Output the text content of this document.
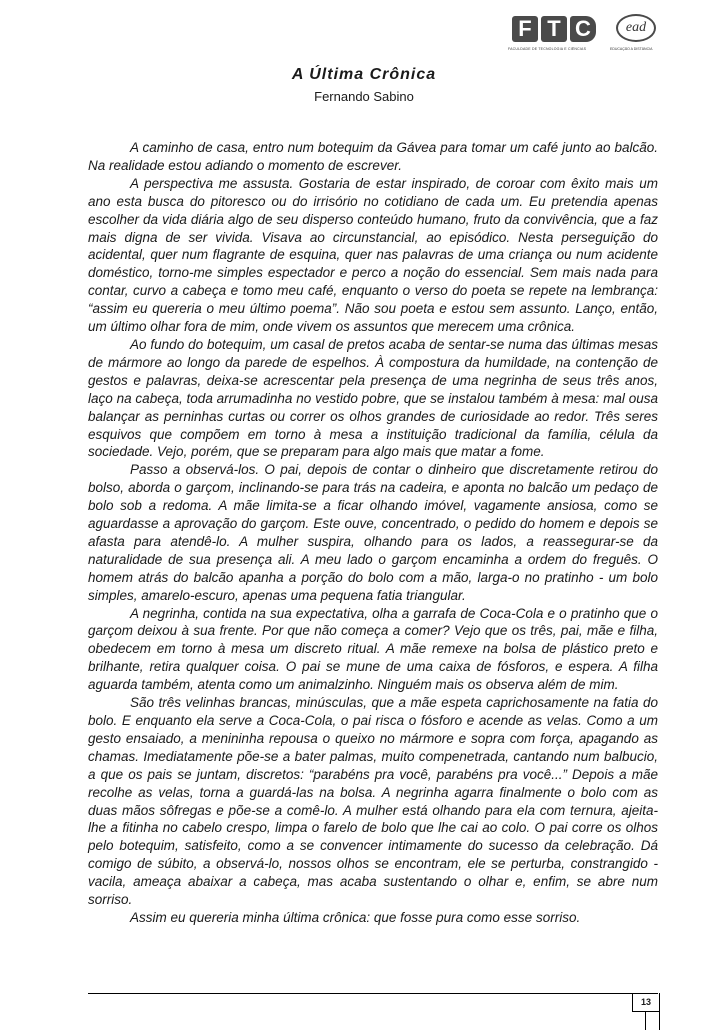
F T C
FACULDADE DE TECNOLOGIA E CIÊNCIAS
ead
EDUCAÇÃO A DISTÂNCIA
A Última Crônica
Fernando Sabino

A caminho de casa, entro num botequim da Gávea para tomar um café junto ao balcão. Na realidade estou adiando o momento de escrever.

A perspectiva me assusta. Gostaria de estar inspirado, de coroar com êxito mais um ano esta busca do pitoresco ou do irrisório no cotidiano de cada um. Eu pretendia apenas escolher da vida diária algo de seu disperso conteúdo humano, fruto da convivência, que a faz mais digna de ser vivida. Visava ao circunstancial, ao episódico. Nesta perseguição do acidental, quer num flagrante de esquina, quer nas palavras de uma criança ou num acidente doméstico, torno-me simples espectador e perco a noção do essencial. Sem mais nada para contar, curvo a cabeça e tomo meu café, enquanto o verso do poeta se repete na lembrança: “assim eu quereria o meu último poema”. Não sou poeta e estou sem assunto. Lanço, então, um último olhar fora de mim, onde vivem os assuntos que merecem uma crônica.

Ao fundo do botequim, um casal de pretos acaba de sentar-se numa das últimas mesas de mármore ao longo da parede de espelhos. À compostura da humildade, na contenção de gestos e palavras, deixa-se acrescentar pela presença de uma negrinha de seus três anos, laço na cabeça, toda arrumadinha no vestido pobre, que se instalou também à mesa: mal ousa balançar as perninhas curtas ou correr os olhos grandes de curiosidade ao redor. Três seres esquivos que compõem em torno à mesa a instituição tradicional da família, célula da sociedade. Vejo, porém, que se preparam para algo mais que matar a fome.

Passo a observá-los. O pai, depois de contar o dinheiro que discretamente retirou do bolso, aborda o garçom, inclinando-se para trás na cadeira, e aponta no balcão um pedaço de bolo sob a redoma. A mãe limita-se a ficar olhando imóvel, vagamente ansiosa, como se aguardasse a aprovação do garçom. Este ouve, concentrado, o pedido do homem e depois se afasta para atendê-lo. A mulher suspira, olhando para os lados, a reassegurar-se da naturalidade de sua presença ali. A meu lado o garçom encaminha a ordem do freguês. O homem atrás do balcão apanha a porção do bolo com a mão, larga-o no pratinho - um bolo simples, amarelo-escuro, apenas uma pequena fatia triangular.

A negrinha, contida na sua expectativa, olha a garrafa de Coca-Cola e o pratinho que o garçom deixou à sua frente. Por que não começa a comer? Vejo que os três, pai, mãe e filha, obedecem em torno à mesa um discreto ritual. A mãe remexe na bolsa de plástico preto e brilhante, retira qualquer coisa. O pai se mune de uma caixa de fósforos, e espera. A filha aguarda também, atenta como um animalzinho. Ninguém mais os observa além de mim.

São três velinhas brancas, minúsculas, que a mãe espeta caprichosamente na fatia do bolo. E enquanto ela serve a Coca-Cola, o pai risca o fósforo e acende as velas. Como a um gesto ensaiado, a menininha repousa o queixo no mármore e sopra com força, apagando as chamas. Imediatamente põe-se a bater palmas, muito compenetrada, cantando num balbucio, a que os pais se juntam, discretos: “parabéns pra você, parabéns pra você...” Depois a mãe recolhe as velas, torna a guardá-las na bolsa. A negrinha agarra finalmente o bolo com as duas mãos sôfregas e põe-se a comê-lo. A mulher está olhando para ela com ternura, ajeita-lhe a fitinha no cabelo crespo, limpa o farelo de bolo que lhe cai ao colo. O pai corre os olhos pelo botequim, satisfeito, como a se convencer intimamente do sucesso da celebração. Dá comigo de súbito, a observá-lo, nossos olhos se encontram, ele se perturba, constrangido - vacila, ameaça abaixar a cabeça, mas acaba sustentando o olhar e, enfim, se abre num sorriso.

Assim eu quereria minha última crônica: que fosse pura como esse sorriso.

13
